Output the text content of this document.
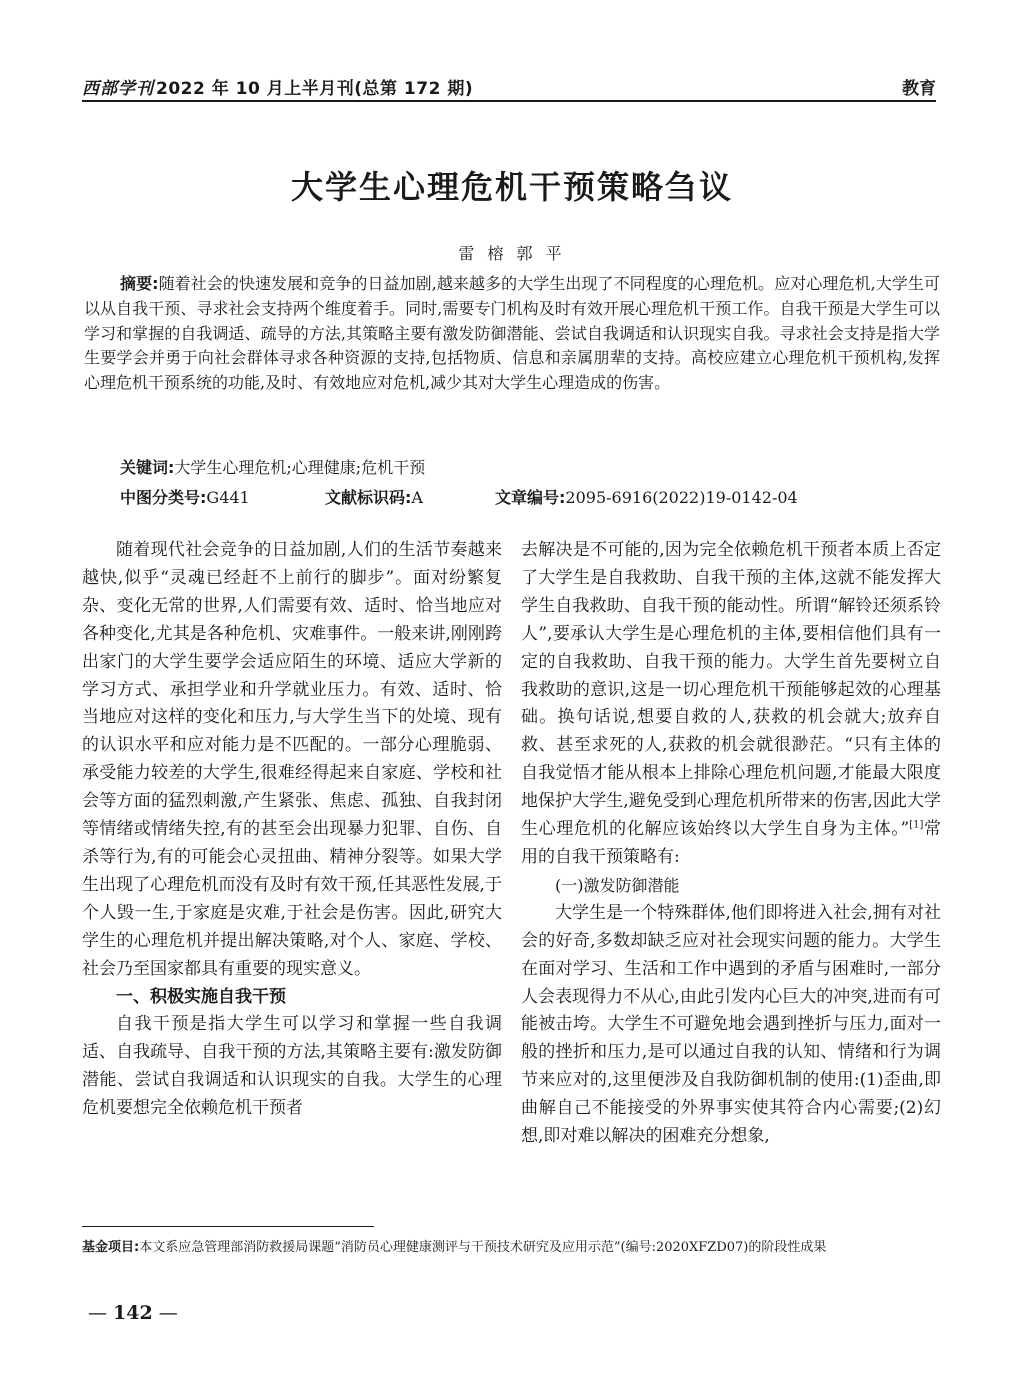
西部学刊 2022 年 10 月上半月刊(总第 172 期)	教育
大学生心理危机干预策略刍议
雷 榕 郭 平
摘要:随着社会的快速发展和竞争的日益加剧,越来越多的大学生出现了不同程度的心理危机。应对心理危机,大学生可以从自我干预、寻求社会支持两个维度着手。同时,需要专门机构及时有效开展心理危机干预工作。自我干预是大学生可以学习和掌握的自我调适、疏导的方法,其策略主要有激发防御潜能、尝试自我调适和认识现实自我。寻求社会支持是指大学生要学会并勇于向社会群体寻求各种资源的支持,包括物质、信息和亲属朋辈的支持。高校应建立心理危机干预机构,发挥心理危机干预系统的功能,及时、有效地应对危机,减少其对大学生心理造成的伤害。
关键词:大学生心理危机;心理健康;危机干预
中图分类号:G441	文献标识码:A	文章编号:2095-6916(2022)19-0142-04

随着现代社会竞争的日益加剧,人们的生活节奏越来越快,似乎“灵魂已经赶不上前行的脚步”。面对纷繁复杂、变化无常的世界,人们需要有效、适时、恰当地应对各种变化,尤其是各种危机、灾难事件。一般来讲,刚刚跨出家门的大学生要学会适应陌生的环境、适应大学新的学习方式、承担学业和升学就业压力。有效、适时、恰当地应对这样的变化和压力,与大学生当下的处境、现有的认识水平和应对能力是不匹配的。一部分心理脆弱、承受能力较差的大学生,很难经得起来自家庭、学校和社会等方面的猛烈刺激,产生紧张、焦虑、孤独、自我封闭等情绪或情绪失控,有的甚至会出现暴力犯罪、自伤、自杀等行为,有的可能会心灵扭曲、精神分裂等。如果大学生出现了心理危机而没有及时有效干预,任其恶性发展,于个人毁一生,于家庭是灾难,于社会是伤害。因此,研究大学生的心理危机并提出解决策略,对个人、家庭、学校、社会乃至国家都具有重要的现实意义。

一、积极实施自我干预

自我干预是指大学生可以学习和掌握一些自我调适、自我疏导、自我干预的方法,其策略主要有:激发防御潜能、尝试自我调适和认识现实的自我。大学生的心理危机要想完全依赖危机干预者

去解决是不可能的,因为完全依赖危机干预者本质上否定了大学生是自我救助、自我干预的主体,这就不能发挥大学生自我救助、自我干预的能动性。所谓“解铃还须系铃人”,要承认大学生是心理危机的主体,要相信他们具有一定的自我救助、自我干预的能力。大学生首先要树立自我救助的意识,这是一切心理危机干预能够起效的心理基础。换句话说,想要自救的人,获救的机会就大;放弃自救、甚至求死的人,获救的机会就很渺茫。“只有主体的自我觉悟才能从根本上排除心理危机问题,才能最大限度地保护大学生,避免受到心理危机所带来的伤害,因此大学生心理危机的化解应该始终以大学生自身为主体。”[1]常用的自我干预策略有:

(一)激发防御潜能

大学生是一个特殊群体,他们即将进入社会,拥有对社会的好奇,多数却缺乏应对社会现实问题的能力。大学生在面对学习、生活和工作中遇到的矛盾与困难时,一部分人会表现得力不从心,由此引发内心巨大的冲突,进而有可能被击垮。大学生不可避免地会遇到挫折与压力,面对一般的挫折和压力,是可以通过自我的认知、情绪和行为调节来应对的,这里便涉及自我防御机制的使用:(1)歪曲,即曲解自己不能接受的外界事实使其符合内心需要;(2)幻想,即对难以解决的困难充分想象,

基金项目:本文系应急管理部消防救援局课题“消防员心理健康测评与干预技术研究及应用示范”(编号:2020XFZD07)的阶段性成果
— 142 —
